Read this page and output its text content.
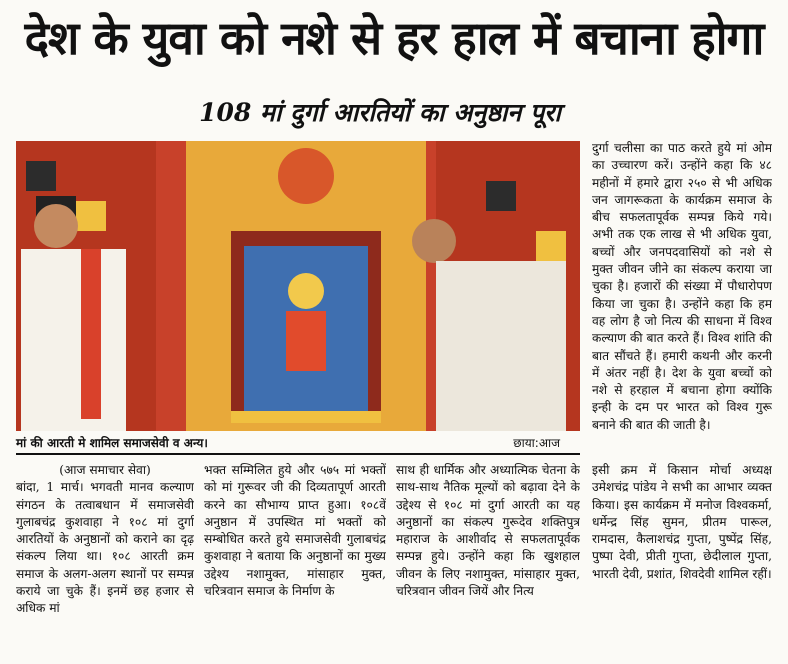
देश के युवा को नशे से हर हाल में बचाना होगा
108 मां दुर्गा आरतियों का अनुष्ठान पूरा
मां की आरती मे शामिल समाजसेवी व अन्य।	छाया:आज

दुर्गा चलीसा का पाठ करते हुये मां ओम का उच्चारण करें। उन्होंने कहा कि ४८ महीनों में हमारे द्वारा २५० से भी अधिक जन जागरूकता के कार्यक्रम समाज के बीच सफलतापूर्वक सम्पन्न किये गये। अभी तक एक लाख से भी अधिक युवा, बच्चों और जनपदवासियों को नशे से मुक्त जीवन जीने का संकल्प कराया जा चुका है। हजारों की संख्या में पौधारोपण किया जा चुका है। उन्होंने कहा कि हम वह लोग है जो नित्य की साधना में विश्व कल्याण की बात करते हैं। विश्व शांति की बात सौंचते हैं। हमारी कथनी और करनी में अंतर नहीं है। देश के युवा बच्चों को नशे से हरहाल में बचाना होगा क्योंकि इन्ही के दम पर भारत को विश्व गुरू बनाने की बात की जाती है।

(आज समाचार सेवा)

बांदा, 1 मार्च। भगवती मानव कल्याण संगठन के तत्वाबधान में समाजसेवी गुलाबचंद्र कुशवाहा ने १०८ मां दुर्गा आरतियों के अनुष्ठानों को कराने का दृढ़ संकल्प लिया था। १०८ आरती क्रम समाज के अलग-अलग स्थानों पर सम्पन्न कराये जा चुके हैं। इनमें छह हजार से अधिक मां

भक्त सम्मिलित हुये और ५७५ मां भक्तों को मां गुरूवर जी की दिव्यतापूर्ण आरती करने का सौभाग्य प्राप्त हुआ। १०८वें अनुष्ठान में उपस्थित मां भक्तों को सम्बोधित करते हुये समाजसेवी गुलाबचंद्र कुशवाहा ने बताया कि अनुष्ठानों का मुख्य उद्देश्य नशामुक्त, मांसाहार मुक्त, चरित्रवान समाज के निर्माण के

साथ ही धार्मिक और अध्यात्मिक चेतना के साथ-साथ नैतिक मूल्यों को बढ़ावा देने के उद्देश्य से १०८ मां दुर्गा आरती का यह अनुष्ठानों का संकल्प गुरूदेव शक्तिपुत्र महाराज के आशीर्वाद से सफलतापूर्वक सम्पन्न हुये। उन्होंने कहा कि खुशहाल जीवन के लिए नशामुक्त, मांसाहार मुक्त, चरित्रवान जीवन जियें और नित्य

इसी क्रम में किसान मोर्चा अध्यक्ष उमेशचंद्र पांडेय ने सभी का आभार व्यक्त किया। इस कार्यक्रम में मनोज विश्वकर्मा, धर्मेन्द्र सिंह सुमन, प्रीतम पारूल, रामदास, कैलाशचंद्र गुप्ता, पुष्पेंद्र सिंह, पुष्पा देवी, प्रीती गुप्ता, छेदीलाल गुप्ता, भारती देवी, प्रशांत, शिवदेवी शामिल रहीं।
